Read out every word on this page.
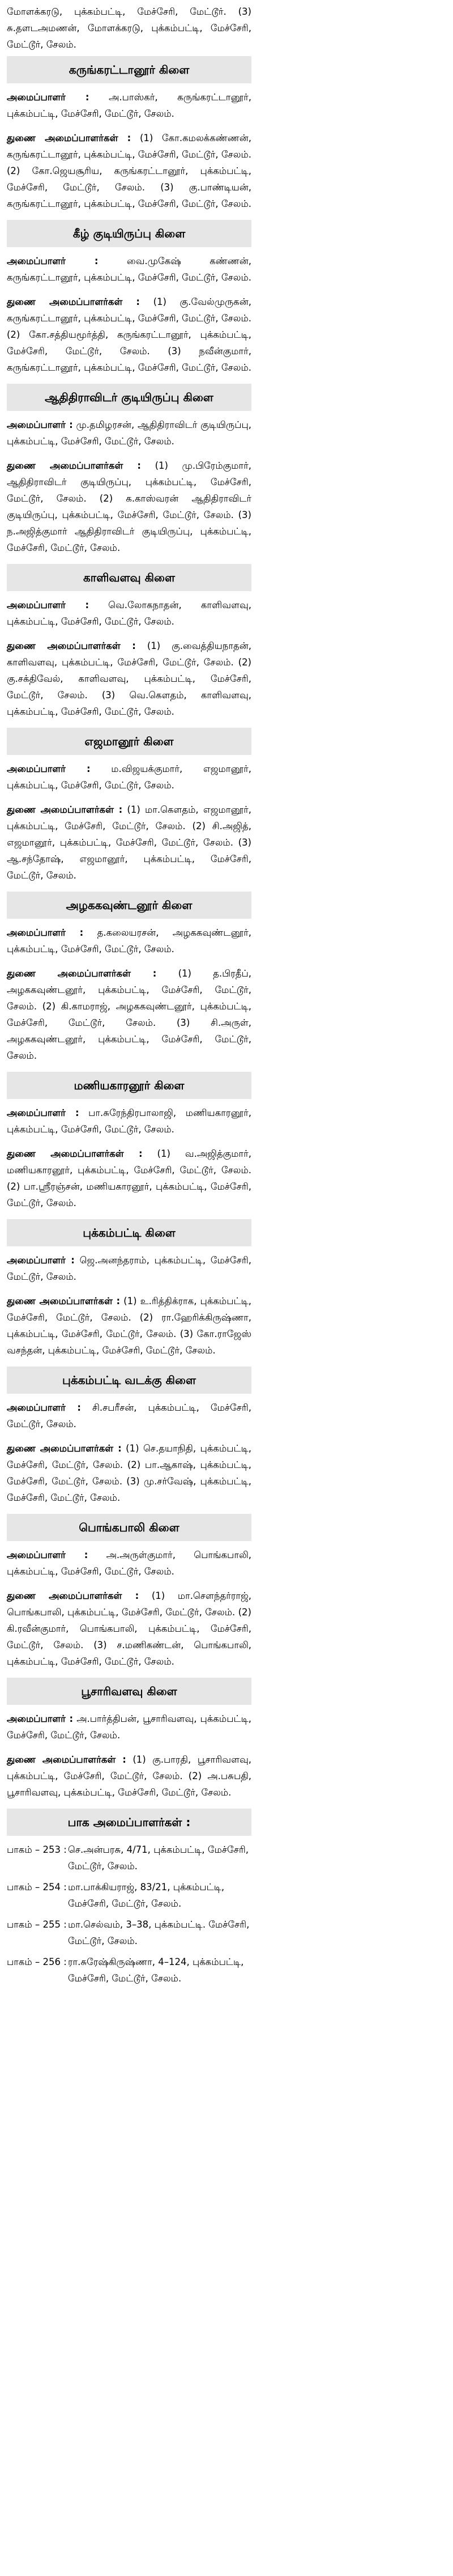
மோளக்கரடு, புக்கம்பட்டி, மேச்சேரி, மேட்டூர். (3) சு.தளடஅமணன், மோளக்கரடு, புக்கம்பட்டி, மேச்சேரி, மேட்டூர், சேலம்.

கருங்கரட்டானூர் கிளை

அமைப்பாளர் : அ.பாஸ்கர், கருங்கரட்டானூர், புக்கம்பட்டி, மேச்சேரி, மேட்டூர், சேலம்.

துணை அமைப்பாளர்கள் : (1) கோ.கமலக்கண்ணன், கருங்கரட்டானூர், புக்கம்பட்டி, மேச்சேரி, மேட்டூர், சேலம். (2) கோ.ஜெயசூரிய, கருங்கரட்டானூர், புக்கம்பட்டி, மேச்சேரி, மேட்டூர், சேலம். (3) கு.பாண்டியன், கருங்கரட்டானூர், புக்கம்பட்டி, மேச்சேரி, மேட்டூர், சேலம்.

கீழ் குடியிருப்பு கிளை

அமைப்பாளர் :	வை.முகேஷ் கண்ணன், கருங்கரட்டானூர், புக்கம்பட்டி, மேச்சேரி, மேட்டூர், சேலம்.

துணை அமைப்பாளர்கள் : (1) கு.வேல்முருகன், கருங்கரட்டானூர், புக்கம்பட்டி, மேச்சேரி, மேட்டூர், சேலம். (2) கோ.சத்தியமூர்த்தி, கருங்கரட்டானூர், புக்கம்பட்டி, மேச்சேரி, மேட்டூர், சேலம். (3) நவீன்குமார், கருங்கரட்டானூர், புக்கம்பட்டி, மேச்சேரி, மேட்டூர், சேலம்.

ஆதிதிராவிடர் குடியிருப்பு கிளை

அமைப்பாளர் : மு.தமிழரசன், ஆதிதிராவிடர் குடியிருப்பு, புக்கம்பட்டி, மேச்சேரி, மேட்டூர், சேலம்.

துணை அமைப்பாளர்கள் : (1) மு.பிரேம்குமார், ஆதிதிராவிடர் குடியிருப்பு, புக்கம்பட்டி, மேச்சேரி, மேட்டூர், சேலம். (2) க.காஸ்வரன் ஆதிதிராவிடர் குடியிருப்பு, புக்கம்பட்டி, மேச்சேரி, மேட்டூர், சேலம். (3) ந.அஜித்குமார் ஆதிதிராவிடர் குடியிருப்பு, புக்கம்பட்டி, மேச்சேரி, மேட்டூர், சேலம்.

காளிவளவு கிளை

அமைப்பாளர் : வெ.லோகநாதன், காளிவளவு, புக்கம்பட்டி, மேச்சேரி, மேட்டூர், சேலம்.

துணை அமைப்பாளர்கள் : (1) கு.வைத்தியநாதன், காளிவளவு, புக்கம்பட்டி, மேச்சேரி, மேட்டூர், சேலம். (2) கு.சக்திவேல், காளிவளவு, புக்கம்பட்டி, மேச்சேரி, மேட்டூர், சேலம். (3) வெ.கௌதம், காளிவளவு, புக்கம்பட்டி, மேச்சேரி, மேட்டூர், சேலம்.

எஜமானூர் கிளை

அமைப்பாளர் : ம.விஜயக்குமார், எஜமானூர், புக்கம்பட்டி, மேச்சேரி, மேட்டூர், சேலம்.

துணை அமைப்பாளர்கள் : (1) மா.கௌதம், எஜமானூர், புக்கம்பட்டி, மேச்சேரி, மேட்டூர், சேலம். (2) சி.அஜித், எஜமானூர், புக்கம்பட்டி, மேச்சேரி, மேட்டூர், சேலம். (3) ஆ.சந்தோஷ், எஜமானூர், புக்கம்பட்டி, மேச்சேரி, மேட்டூர், சேலம்.

அழககவுண்டனூர் கிளை

அமைப்பாளர் : த.கலையரசன், அழககவுண்டனூர், புக்கம்பட்டி, மேச்சேரி, மேட்டூர், சேலம்.

துணை அமைப்பாளர்கள் : (1) த.பிரதீப், அழககவுண்டனூர், புக்கம்பட்டி, மேச்சேரி, மேட்டூர், சேலம். (2) கி.காமராஜ், அழககவுண்டனூர், புக்கம்பட்டி, மேச்சேரி, மேட்டூர், சேலம். (3) சி.அருள், அழககவுண்டனூர், புக்கம்பட்டி, மேச்சேரி, மேட்டூர், சேலம்.

மணியகாரனூர் கிளை

அமைப்பாளர் : பா.சுரேந்திரபாலாஜி, மணியகாரனூர், புக்கம்பட்டி, மேச்சேரி, மேட்டூர், சேலம்.

துணை அமைப்பாளர்கள் : (1) வ.அஜித்குமார், மணியகாரனூர், புக்கம்பட்டி, மேச்சேரி, மேட்டூர், சேலம். (2) பா.ஸ்ரீரஞ்சன், மணியகாரனூர், புக்கம்பட்டி, மேச்சேரி, மேட்டூர், சேலம்.

புக்கம்பட்டி கிளை

அமைப்பாளர் : ஜெ.அனந்தராம், புக்கம்பட்டி, மேச்சேரி, மேட்டூர், சேலம்.

துணை அமைப்பாளர்கள் : (1) உ.ரித்திக்ராக, புக்கம்பட்டி, மேச்சேரி, மேட்டூர், சேலம். (2) ரா.ஹேரிக்கிருஷ்ணா, புக்கம்பட்டி, மேச்சேரி, மேட்டூர், சேலம். (3) கோ.ராஜேஸ் வசந்தன், புக்கம்பட்டி, மேச்சேரி, மேட்டூர், சேலம்.

புக்கம்பட்டி வடக்கு கிளை

அமைப்பாளர் : சி.சபரீசன், புக்கம்பட்டி, மேச்சேரி, மேட்டூர், சேலம்.

துணை அமைப்பாளர்கள் : (1) செ.தயாநிதி, புக்கம்பட்டி, மேச்சேரி, மேட்டூர், சேலம். (2) பா.ஆகாஷ், புக்கம்பட்டி, மேச்சேரி, மேட்டூர், சேலம். (3) மு.சர்வேஷ், புக்கம்பட்டி, மேச்சேரி, மேட்டூர், சேலம்.

பொங்கபாலி கிளை

அமைப்பாளர் : அ.அருள்குமார், பொங்கபாலி, புக்கம்பட்டி, மேச்சேரி, மேட்டூர், சேலம்.

துணை அமைப்பாளர்கள் : (1) மா.செளந்தர்ராஜ், பொங்கபாலி, புக்கம்பட்டி, மேச்சேரி, மேட்டூர், சேலம். (2) கி.ரவீன்குமார், பொங்கபாலி, புக்கம்பட்டி, மேச்சேரி, மேட்டூர், சேலம். (3) ச.மணிகண்டன், பொங்கபாலி, புக்கம்பட்டி, மேச்சேரி, மேட்டூர், சேலம்.

பூசாரிவளவு கிளை

அமைப்பாளர் : அ.பார்த்திபன், பூசாரிவளவு, புக்கம்பட்டி, மேச்சேரி, மேட்டூர், சேலம்.

துணை அமைப்பாளர்கள் : (1) கு.பாரதி, பூசாரிவளவு, புக்கம்பட்டி, மேச்சேரி, மேட்டூர், சேலம். (2) அ.பசுபதி, பூசாரிவளவு, புக்கம்பட்டி, மேச்சேரி, மேட்டூர், சேலம்.

பாக அமைப்பாளர்கள் :
பாகம் – 253 : செ.அன்பரசு, 4/71, புக்கம்பட்டி, மேச்சேரி, மேட்டூர், சேலம்.
பாகம் – 254 : மா.பாக்கியராஜ், 83/21, புக்கம்பட்டி, மேச்சேரி, மேட்டூர், சேலம்.
பாகம் – 255 : மா.செல்வம், 3–38, புக்கம்பட்டி. மேச்சேரி, மேட்டூர், சேலம்.
பாகம் – 256 : ரா.சுரேஷ்கிருஷ்ணா, 4–124, புக்கம்பட்டி, மேச்சேரி, மேட்டூர், சேலம்.
